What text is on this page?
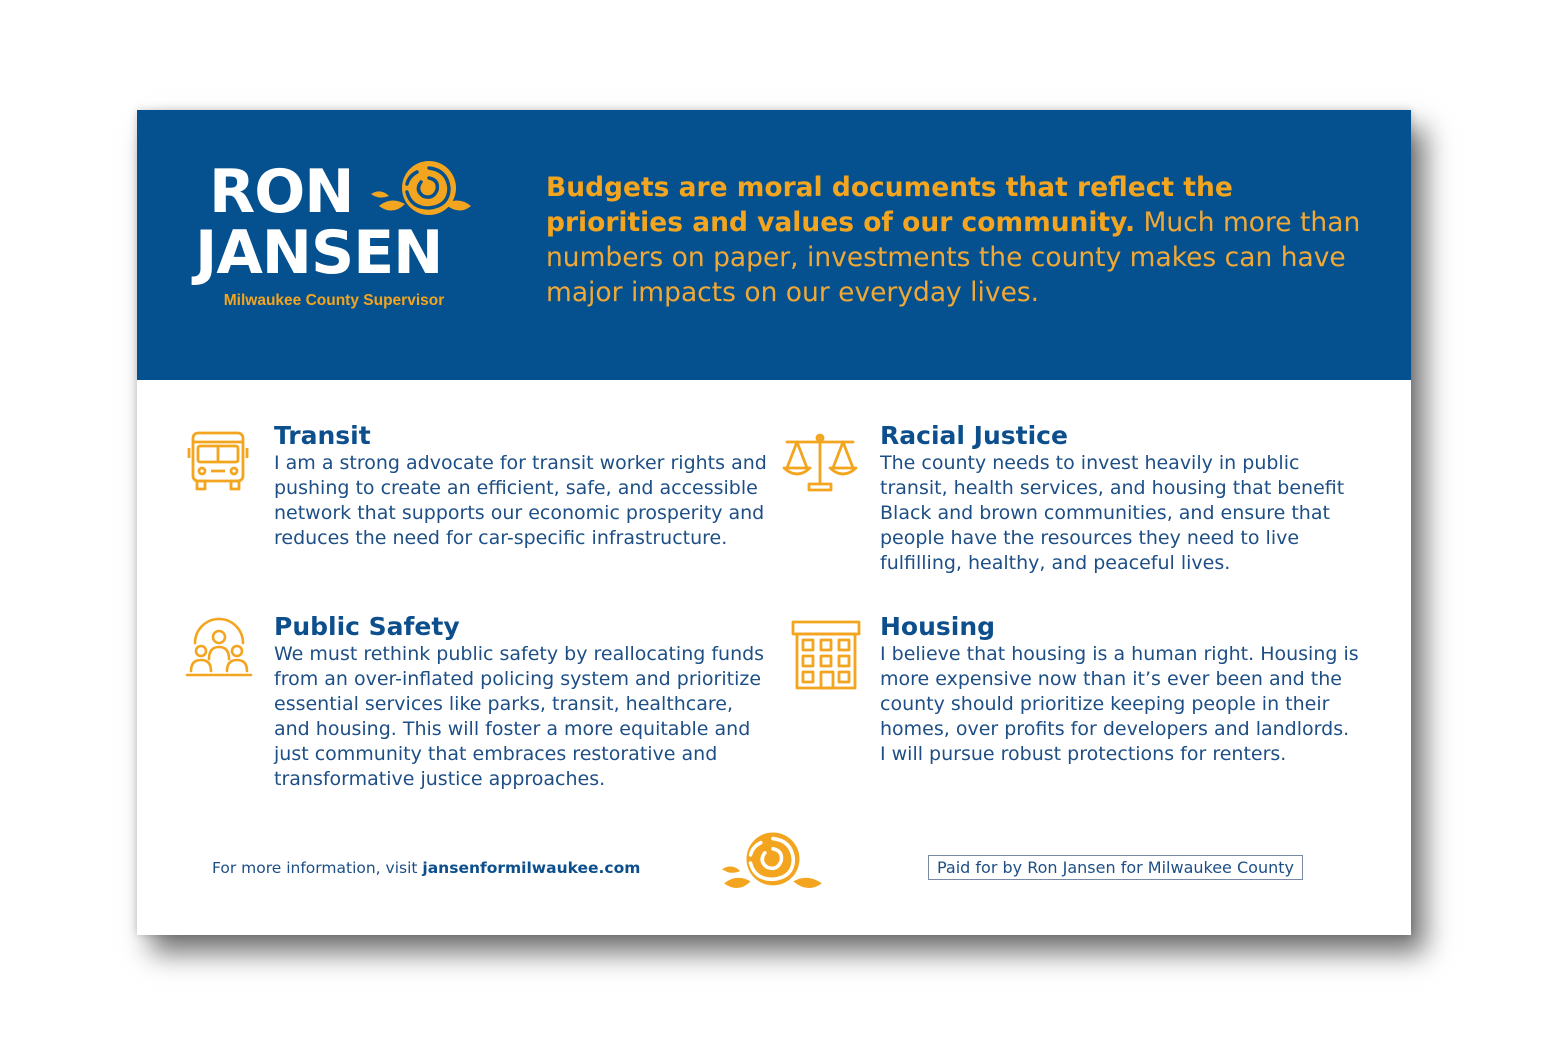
RON
JANSEN
Milwaukee County Supervisor
Budgets are moral documents that reflect the priorities and values of our community. Much more than numbers on paper, investments the county makes can have major impacts on our everyday lives.
Transit
I am a strong advocate for transit worker rights and pushing to create an efficient, safe, and accessible network that supports our economic prosperity and reduces the need for car-specific infrastructure.
Racial Justice
The county needs to invest heavily in public transit, health services, and housing that benefit Black and brown communities, and ensure that people have the resources they need to live fulfilling, healthy, and peaceful lives.
Public Safety
We must rethink public safety by reallocating funds from an over-inflated policing system and prioritize essential services like parks, transit, healthcare, and housing. This will foster a more equitable and just community that embraces restorative and transformative justice approaches.
Housing
I believe that housing is a human right. Housing is more expensive now than it’s ever been and the county should prioritize keeping people in their homes, over profits for developers and landlords. I will pursue robust protections for renters.
For more information, visit jansenformilwaukee.com	Paid for by Ron Jansen for Milwaukee County
